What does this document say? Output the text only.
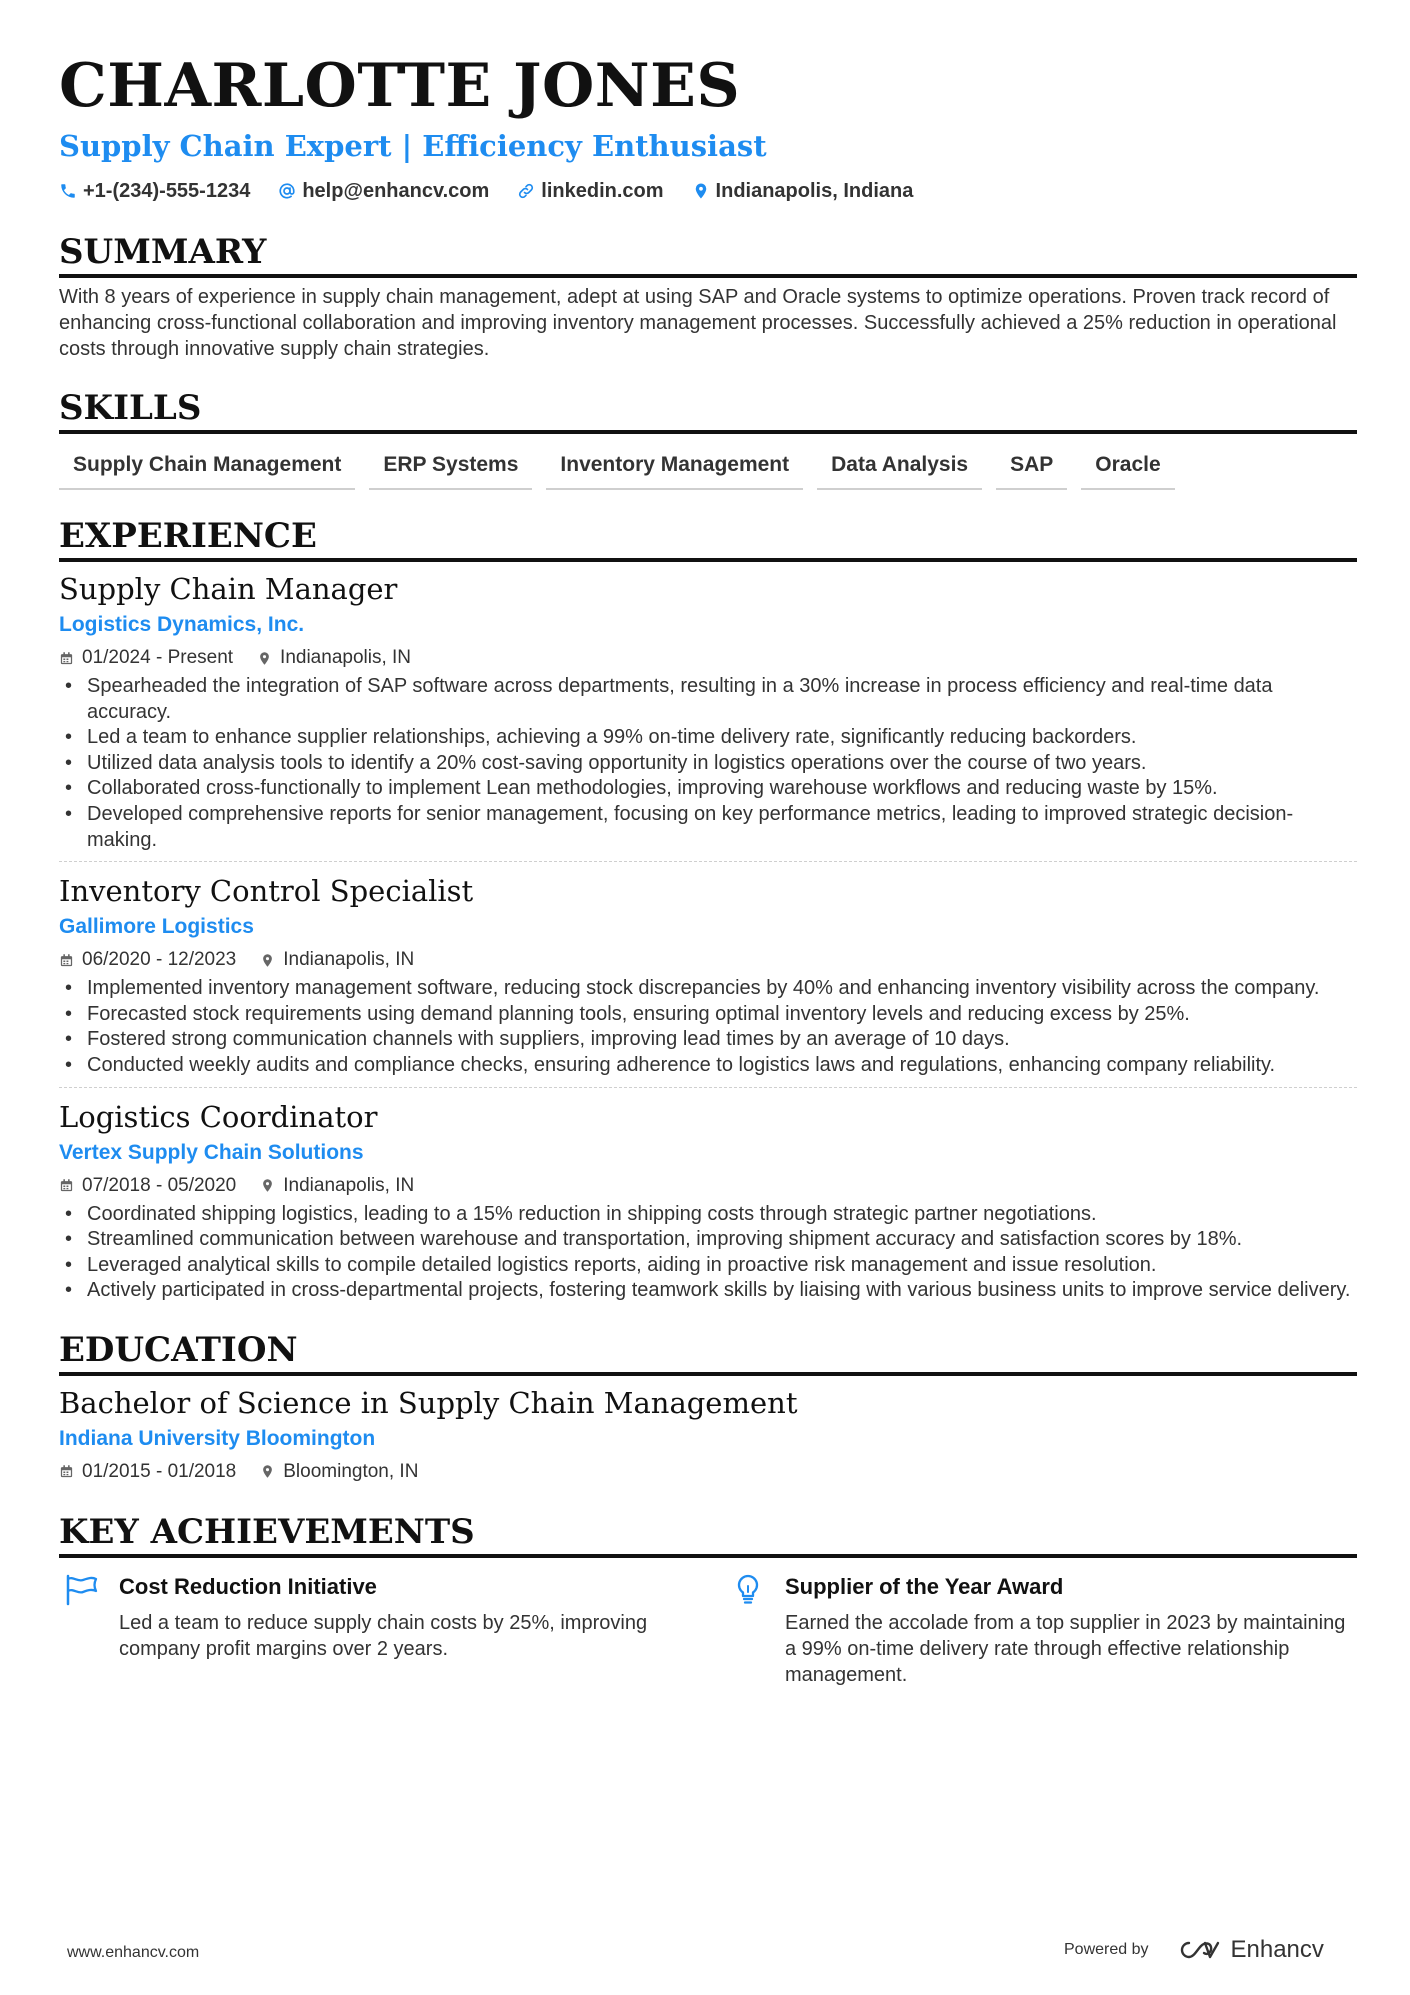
CHARLOTTE JONES
Supply Chain Expert | Efficiency Enthusiast
+1-(234)-555-1234	help@enhancv.com	linkedin.com	Indianapolis, Indiana
SUMMARY
With 8 years of experience in supply chain management, adept at using SAP and Oracle systems to optimize operations. Proven track record of enhancing cross-functional collaboration and improving inventory management processes. Successfully achieved a 25% reduction in operational costs through innovative supply chain strategies.
SKILLS
Supply Chain Management	ERP Systems	Inventory Management	Data Analysis	SAP	Oracle
EXPERIENCE
Supply Chain Manager
Logistics Dynamics, Inc.
01/2024 - Present Indianapolis, IN
• Spearheaded the integration of SAP software across departments, resulting in a 30% increase in process efficiency and real-time data accuracy.
• Led a team to enhance supplier relationships, achieving a 99% on-time delivery rate, significantly reducing backorders.
• Utilized data analysis tools to identify a 20% cost-saving opportunity in logistics operations over the course of two years.
• Collaborated cross-functionally to implement Lean methodologies, improving warehouse workflows and reducing waste by 15%.
• Developed comprehensive reports for senior management, focusing on key performance metrics, leading to improved strategic decision-making.
Inventory Control Specialist
Gallimore Logistics
06/2020 - 12/2023 Indianapolis, IN
• Implemented inventory management software, reducing stock discrepancies by 40% and enhancing inventory visibility across the company.
• Forecasted stock requirements using demand planning tools, ensuring optimal inventory levels and reducing excess by 25%.
• Fostered strong communication channels with suppliers, improving lead times by an average of 10 days.
• Conducted weekly audits and compliance checks, ensuring adherence to logistics laws and regulations, enhancing company reliability.
Logistics Coordinator
Vertex Supply Chain Solutions
07/2018 - 05/2020 Indianapolis, IN
• Coordinated shipping logistics, leading to a 15% reduction in shipping costs through strategic partner negotiations.
• Streamlined communication between warehouse and transportation, improving shipment accuracy and satisfaction scores by 18%.
• Leveraged analytical skills to compile detailed logistics reports, aiding in proactive risk management and issue resolution.
• Actively participated in cross-departmental projects, fostering teamwork skills by liaising with various business units to improve service delivery.
EDUCATION
Bachelor of Science in Supply Chain Management
Indiana University Bloomington
01/2015 - 01/2018 Bloomington, IN
KEY ACHIEVEMENTS
Cost Reduction Initiative
Led a team to reduce supply chain costs by 25%, improving company profit margins over 2 years.
Supplier of the Year Award
Earned the accolade from a top supplier in 2023 by maintaining a 99% on-time delivery rate through effective relationship management.
www.enhancv.com	Powered by	Enhancv
